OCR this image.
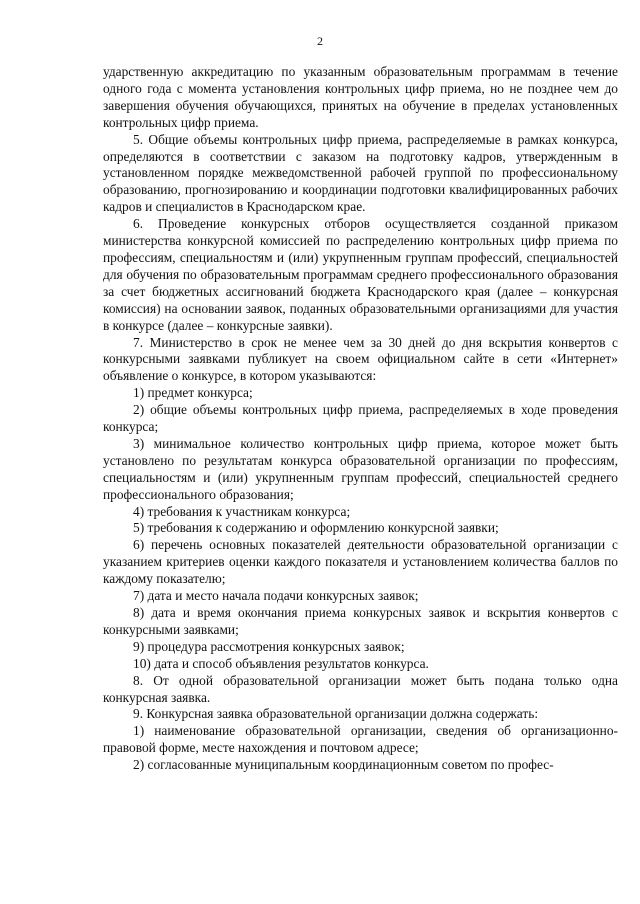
2

ударственную аккредитацию по указанным образовательным программам в течение одного года с момента установления контрольных цифр приема, но не позднее чем до завершения обучения обучающихся, принятых на обучение в пределах установленных контрольных цифр приема.

5. Общие объемы контрольных цифр приема, распределяемые в рамках конкурса, определяются в соответствии с заказом на подготовку кадров, утвержденным в установленном порядке межведомственной рабочей группой по профессиональному образованию, прогнозированию и координации подготовки квалифицированных рабочих кадров и специалистов в Краснодарском крае.

6. Проведение конкурсных отборов осуществляется созданной приказом министерства конкурсной комиссией по распределению контрольных цифр приема по профессиям, специальностям и (или) укрупненным группам профессий, специальностей для обучения по образовательным программам среднего профессионального образования за счет бюджетных ассигнований бюджета Краснодарского края (далее – конкурсная комиссия) на основании заявок, поданных образовательными организациями для участия в конкурсе (далее – конкурсные заявки).

7. Министерство в срок не менее чем за 30 дней до дня вскрытия конвертов с конкурсными заявками публикует на своем официальном сайте в сети «Интернет» объявление о конкурсе, в котором указываются:

1) предмет конкурса;

2) общие объемы контрольных цифр приема, распределяемых в ходе проведения конкурса;

3) минимальное количество контрольных цифр приема, которое может быть установлено по результатам конкурса образовательной организации по профессиям, специальностям и (или) укрупненным группам профессий, специальностей среднего профессионального образования;

4) требования к участникам конкурса;

5) требования к содержанию и оформлению конкурсной заявки;

6) перечень основных показателей деятельности образовательной организации с указанием критериев оценки каждого показателя и установлением количества баллов по каждому показателю;

7) дата и место начала подачи конкурсных заявок;

8) дата и время окончания приема конкурсных заявок и вскрытия конвертов с конкурсными заявками;

9) процедура рассмотрения конкурсных заявок;

10) дата и способ объявления результатов конкурса.

8. От одной образовательной организации может быть подана только одна конкурсная заявка.

9. Конкурсная заявка образовательной организации должна содержать:

1) наименование образовательной организации, сведения об организационно-правовой форме, месте нахождения и почтовом адресе;

2) согласованные муниципальным координационным советом по профес-
